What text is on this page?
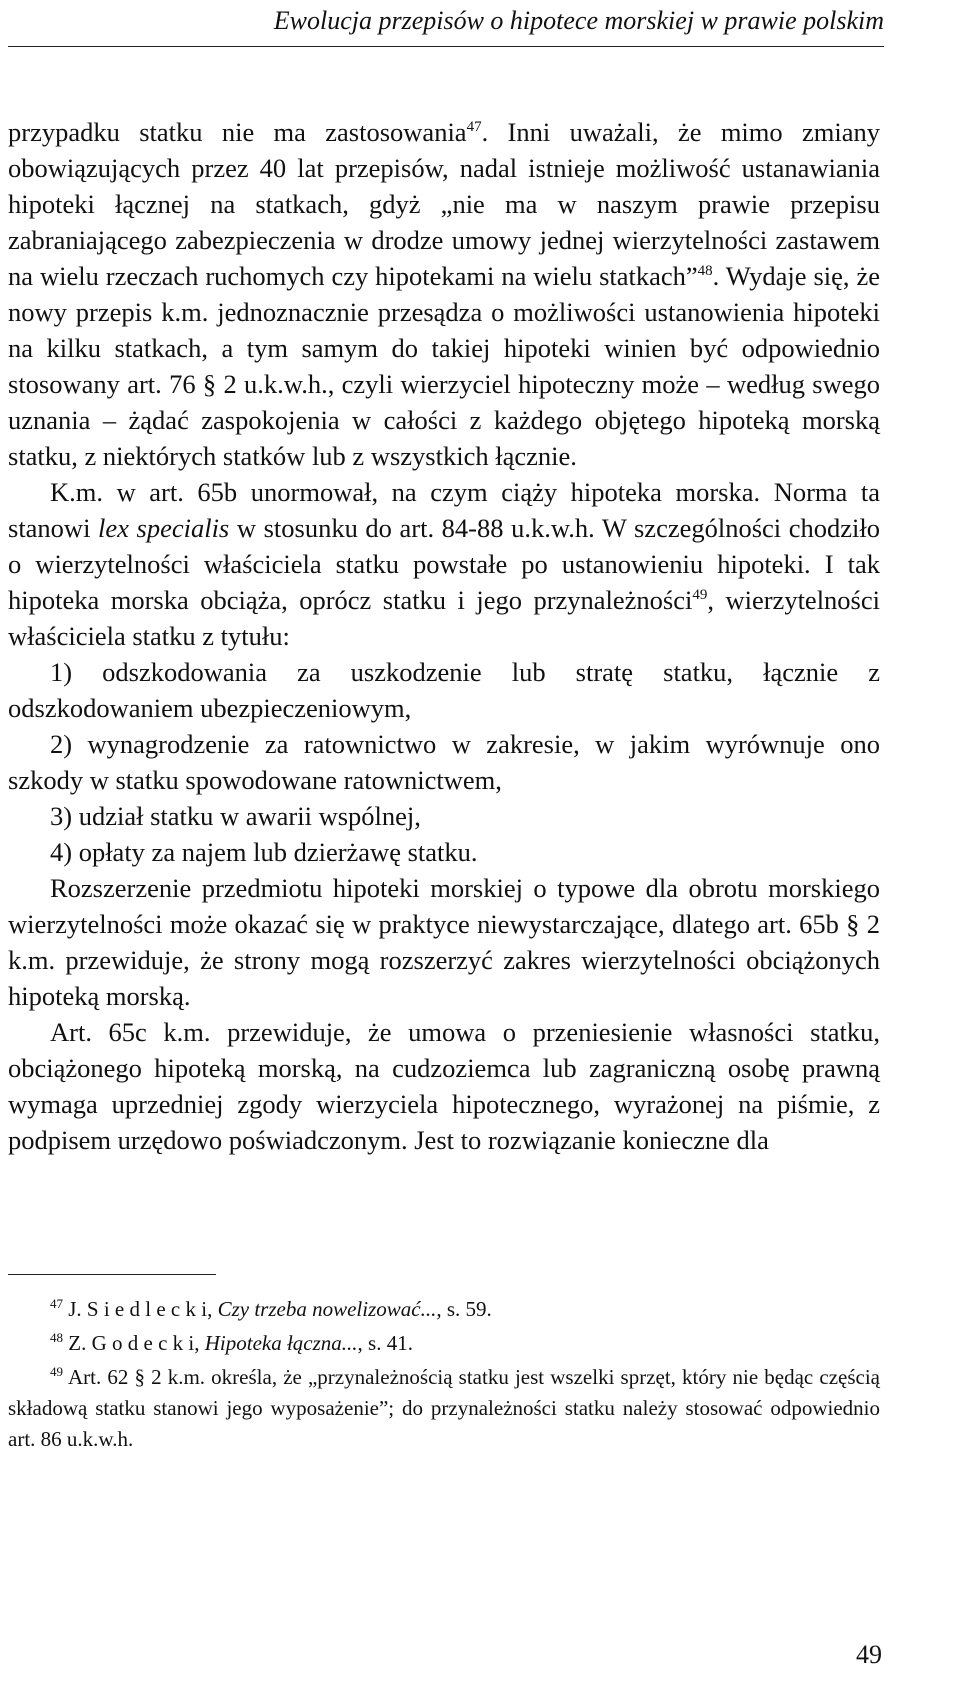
Ewolucja przepisów o hipotece morskiej w prawie polskim

przypadku statku nie ma zastosowania$^{47}$. Inni uważali, że mimo zmiany obowiązujących przez 40 lat przepisów, nadal istnieje możliwość ustanawiania hipoteki łącznej na statkach, gdyż „nie ma w naszym prawie przepisu zabraniającego zabezpieczenia w drodze umowy jednej wierzytelności zastawem na wielu rzeczach ruchomych czy hipotekami na wielu statkach”$^{48}$. Wydaje się, że nowy przepis k.m. jednoznacznie przesądza o możliwości ustanowienia hipoteki na kilku statkach, a tym samym do takiej hipoteki winien być odpowiednio stosowany art. 76 § 2 u.k.w.h., czyli wierzyciel hipoteczny może – według swego uznania – żądać zaspokojenia w całości z każdego objętego hipoteką morską statku, z niektórych statków lub z wszystkich łącznie.

K.m. w art. 65b unormował, na czym ciąży hipoteka morska. Norma ta stanowi lex specialis w stosunku do art. 84-88 u.k.w.h. W szczególności chodziło o wierzytelności właściciela statku powstałe po ustanowieniu hipoteki. I tak hipoteka morska obciąża, oprócz statku i jego przynależności$^{49}$, wierzytelności właściciela statku z tytułu:

1) odszkodowania za uszkodzenie lub stratę statku, łącznie z odszkodowaniem ubezpieczeniowym,

2) wynagrodzenie za ratownictwo w zakresie, w jakim wyrównuje ono szkody w statku spowodowane ratownictwem,

3) udział statku w awarii wspólnej,

4) opłaty za najem lub dzierżawę statku.

Rozszerzenie przedmiotu hipoteki morskiej o typowe dla obrotu morskiego wierzytelności może okazać się w praktyce niewystarczające, dlatego art. 65b § 2 k.m. przewiduje, że strony mogą rozszerzyć zakres wierzytelności obciążonych hipoteką morską.

Art. 65c k.m. przewiduje, że umowa o przeniesienie własności statku, obciążonego hipoteką morską, na cudzoziemca lub zagraniczną osobę prawną wymaga uprzedniej zgody wierzyciela hipotecznego, wyrażonej na piśmie, z podpisem urzędowo poświadczonym. Jest to rozwiązanie konieczne dla

$^{47}$ J. S i e d l e c k i, Czy trzeba nowelizować..., s. 59.

$^{48}$ Z. G o d e c k i, Hipoteka łączna..., s. 41.

$^{49}$ Art. 62 § 2 k.m. określa, że „przynależnością statku jest wszelki sprzęt, który nie będąc częścią składową statku stanowi jego wyposażenie”; do przynależności statku należy stosować odpowiednio art. 86 u.k.w.h.

49
